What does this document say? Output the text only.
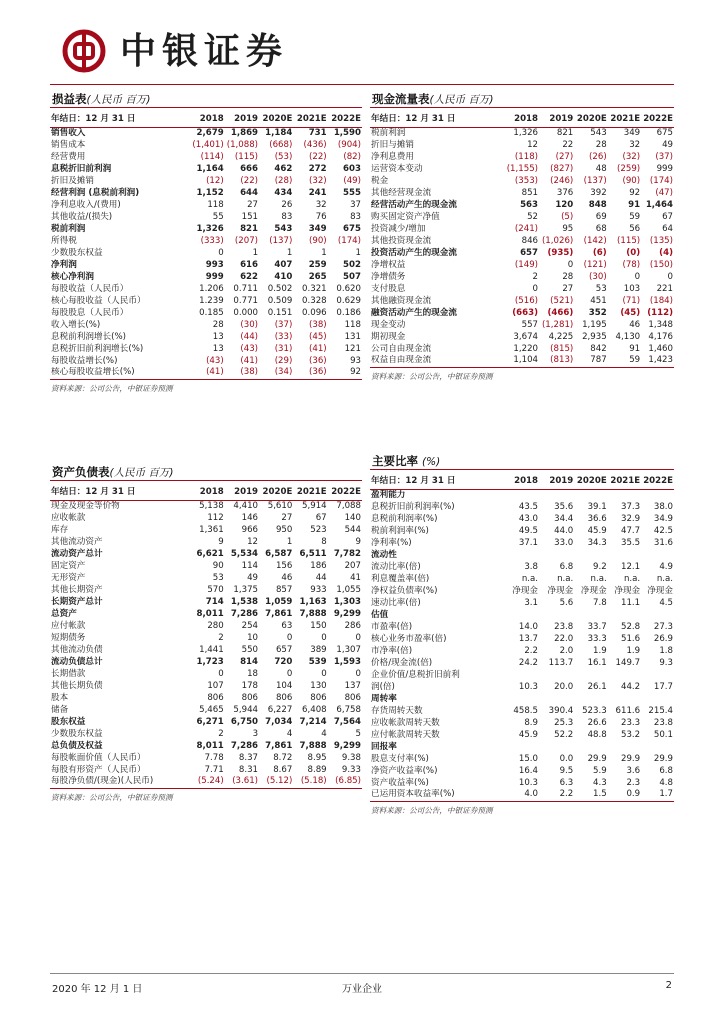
中银证券
损益表(人民币 百万)
年结日：12 月 31 日	2018	2019	2020E	2021E	2022E
销售收入	2,679	1,869	1,184	731	1,590
销售成本	(1,401)	(1,088)	(668)	(436)	(904)
经营费用	(114)	(115)	(53)	(22)	(82)
息税折旧前利润	1,164	666	462	272	603
折旧及摊销	(12)	(22)	(28)	(32)	(49)
经营利润 (息税前利润)	1,152	644	434	241	555
净利息收入/(费用)	118	27	26	32	37
其他收益/(损失)	55	151	83	76	83
税前利润	1,326	821	543	349	675
所得税	(333)	(207)	(137)	(90)	(174)
少数股东权益	0	1	1	1	1
净利润	993	616	407	259	502
核心净利润	999	622	410	265	507
每股收益（人民币）	1.206	0.711	0.502	0.321	0.620
核心每股收益（人民币）	1.239	0.771	0.509	0.328	0.629
每股股息（人民币）	0.185	0.000	0.151	0.096	0.186
收入增长(%)	28	(30)	(37)	(38)	118
息税前利润增长(%)	13	(44)	(33)	(45)	131
息税折旧前利润增长(%)	13	(43)	(31)	(41)	121
每股收益增长(%)	(43)	(41)	(29)	(36)	93
核心每股收益增长(%)	(41)	(38)	(34)	(36)	92
资料来源：公司公告，中银证券预测
现金流量表(人民币 百万)
年结日：12 月 31 日	2018	2019	2020E	2021E	2022E
税前利润	1,326	821	543	349	675
折旧与摊销	12	22	28	32	49
净利息费用	(118)	(27)	(26)	(32)	(37)
运营资本变动	(1,155)	(827)	48	(259)	999
税金	(353)	(246)	(137)	(90)	(174)
其他经营现金流	851	376	392	92	(47)
经营活动产生的现金流	563	120	848	91	1,464
购买固定资产净值	52	(5)	69	59	67
投资减少/增加	(241)	95	68	56	64
其他投资现金流	846	(1,026)	(142)	(115)	(135)
投资活动产生的现金流	657	(935)	(6)	(0)	(4)
净增权益	(149)	0	(121)	(78)	(150)
净增债务	2	28	(30)	0	0
支付股息	0	27	53	103	221
其他融资现金流	(516)	(521)	451	(71)	(184)
融资活动产生的现金流	(663)	(466)	352	(45)	(112)
现金变动	557	(1,281)	1,195	46	1,348
期初现金	3,674	4,225	2,935	4,130	4,176
公司自由现金流	1,220	(815)	842	91	1,460
权益自由现金流	1,104	(813)	787	59	1,423
资料来源：公司公告，中银证券预测
资产负债表(人民币 百万)
年结日：12 月 31 日	2018	2019	2020E	2021E	2022E
现金及现金等价物	5,138	4,410	5,610	5,914	7,088
应收帐款	112	146	27	67	140
库存	1,361	966	950	523	544
其他流动资产	9	12	1	8	9
流动资产总计	6,621	5,534	6,587	6,511	7,782
固定资产	90	114	156	186	207
无形资产	53	49	46	44	41
其他长期资产	570	1,375	857	933	1,055
长期资产总计	714	1,538	1,059	1,163	1,303
总资产	8,011	7,286	7,861	7,888	9,299
应付帐款	280	254	63	150	286
短期债务	2	10	0	0	0
其他流动负债	1,441	550	657	389	1,307
流动负债总计	1,723	814	720	539	1,593
长期借款	0	18	0	0	0
其他长期负债	107	178	104	130	137
股本	806	806	806	806	806
储备	5,465	5,944	6,227	6,408	6,758
股东权益	6,271	6,750	7,034	7,214	7,564
少数股东权益	2	3	4	4	5
总负债及权益	8,011	7,286	7,861	7,888	9,299
每股帐面价值（人民币）	7.78	8.37	8.72	8.95	9.38
每股有形资产（人民币）	7.71	8.31	8.67	8.89	9.33
每股净负债/(现金)(人民币)	(5.24)	(3.61)	(5.12)	(5.18)	(6.85)
资料来源：公司公告，中银证券预测
主要比率 (%)
年结日：12 月 31 日	2018	2019	2020E	2021E	2022E
盈利能力					
息税折旧前利润率(%)	43.5	35.6	39.1	37.3	38.0
息税前利润率(%)	43.0	34.4	36.6	32.9	34.9
税前利润率(%)	49.5	44.0	45.9	47.7	42.5
净利率(%)	37.1	33.0	34.3	35.5	31.6
流动性					
流动比率(倍)	3.8	6.8	9.2	12.1	4.9
利息覆盖率(倍)	n.a.	n.a.	n.a.	n.a.	n.a.
净权益负债率(%)	净现金	净现金	净现金	净现金	净现金
速动比率(倍)	3.1	5.6	7.8	11.1	4.5
估值					
市盈率(倍)	14.0	23.8	33.7	52.8	27.3
核心业务市盈率(倍)	13.7	22.0	33.3	51.6	26.9
市净率(倍)	2.2	2.0	1.9	1.9	1.8
价格/现金流(倍)	24.2	113.7	16.1	149.7	9.3
企业价值/息税折旧前利					
润(倍)	10.3	20.0	26.1	44.2	17.7
周转率					
存货周转天数	458.5	390.4	523.3	611.6	215.4
应收帐款周转天数	8.9	25.3	26.6	23.3	23.8
应付帐款周转天数	45.9	52.2	48.8	53.2	50.1
回报率					
股息支付率(%)	15.0	0.0	29.9	29.9	29.9
净资产收益率(%)	16.4	9.5	5.9	3.6	6.8
资产收益率(%)	10.3	6.3	4.3	2.3	4.8
已运用资本收益率(%)	4.0	2.2	1.5	0.9	1.7
资料来源：公司公告，中银证券预测
2020 年 12 月 1 日	万业企业	2
